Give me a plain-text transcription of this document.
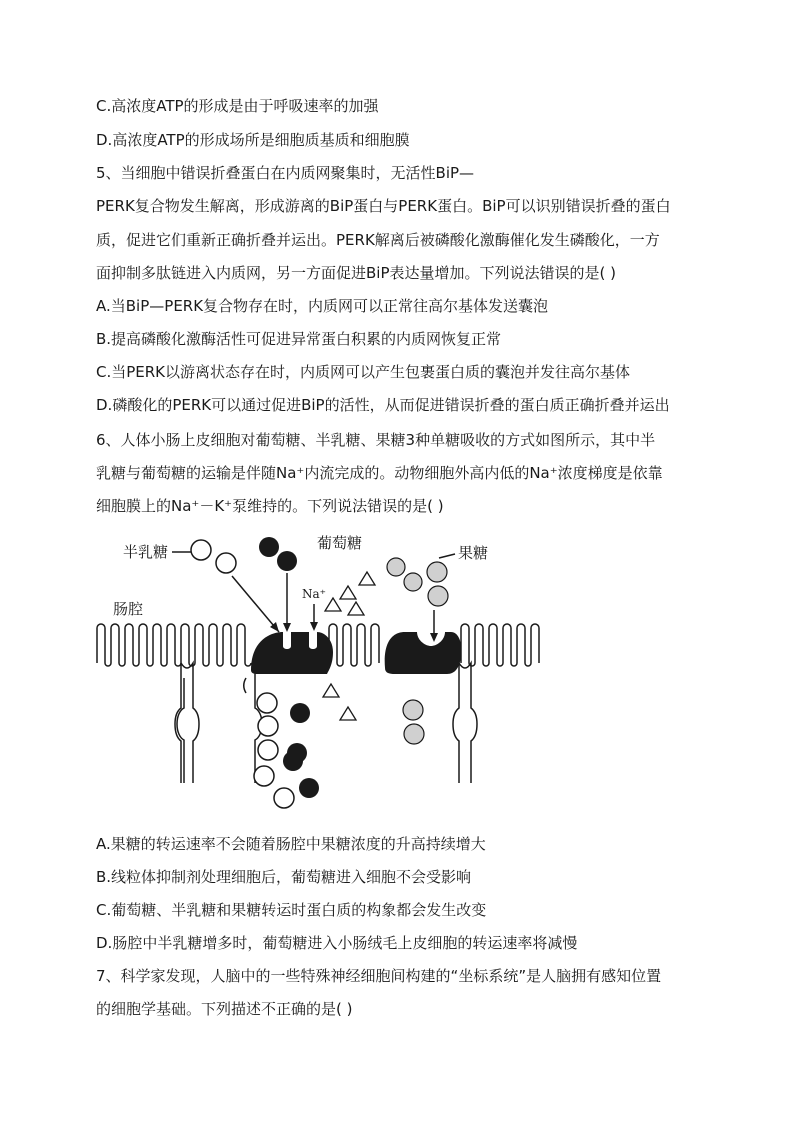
C.高浓度ATP的形成是由于呼吸速率的加强

D.高浓度ATP的形成场所是细胞质基质和细胞膜

5、当细胞中错误折叠蛋白在内质网聚集时，无活性BiP—

PERK复合物发生解离，形成游离的BiP蛋白与PERK蛋白。BiP可以识别错误折叠的蛋白

质，促进它们重新正确折叠并运出。PERK解离后被磷酸化激酶催化发生磷酸化，一方

面抑制多肽链进入内质网，另一方面促进BiP表达量增加。下列说法错误的是( )

A.当BiP—PERK复合物存在时，内质网可以正常往高尔基体发送囊泡

B.提高磷酸化激酶活性可促进异常蛋白积累的内质网恢复正常

C.当PERK以游离状态存在时，内质网可以产生包裹蛋白质的囊泡并发往高尔基体

D.磷酸化的PERK可以通过促进BiP的活性，从而促进错误折叠的蛋白质正确折叠并运出

6、人体小肠上皮细胞对葡萄糖、半乳糖、果糖3种单糖吸收的方式如图所示，其中半

乳糖与葡萄糖的运输是伴随Na⁺内流完成的。动物细胞外高内低的Na⁺浓度梯度是依靠

细胞膜上的Na⁺－K⁺泵维持的。下列说法错误的是( )

半乳糖	葡萄糖
果糖
肠腔
Na⁺

A.果糖的转运速率不会随着肠腔中果糖浓度的升高持续增大

B.线粒体抑制剂处理细胞后，葡萄糖进入细胞不会受影响

C.葡萄糖、半乳糖和果糖转运时蛋白质的构象都会发生改变

D.肠腔中半乳糖增多时，葡萄糖进入小肠绒毛上皮细胞的转运速率将减慢

7、科学家发现，人脑中的一些特殊神经细胞间构建的“坐标系统”是人脑拥有感知位置

的细胞学基础。下列描述不正确的是( )
